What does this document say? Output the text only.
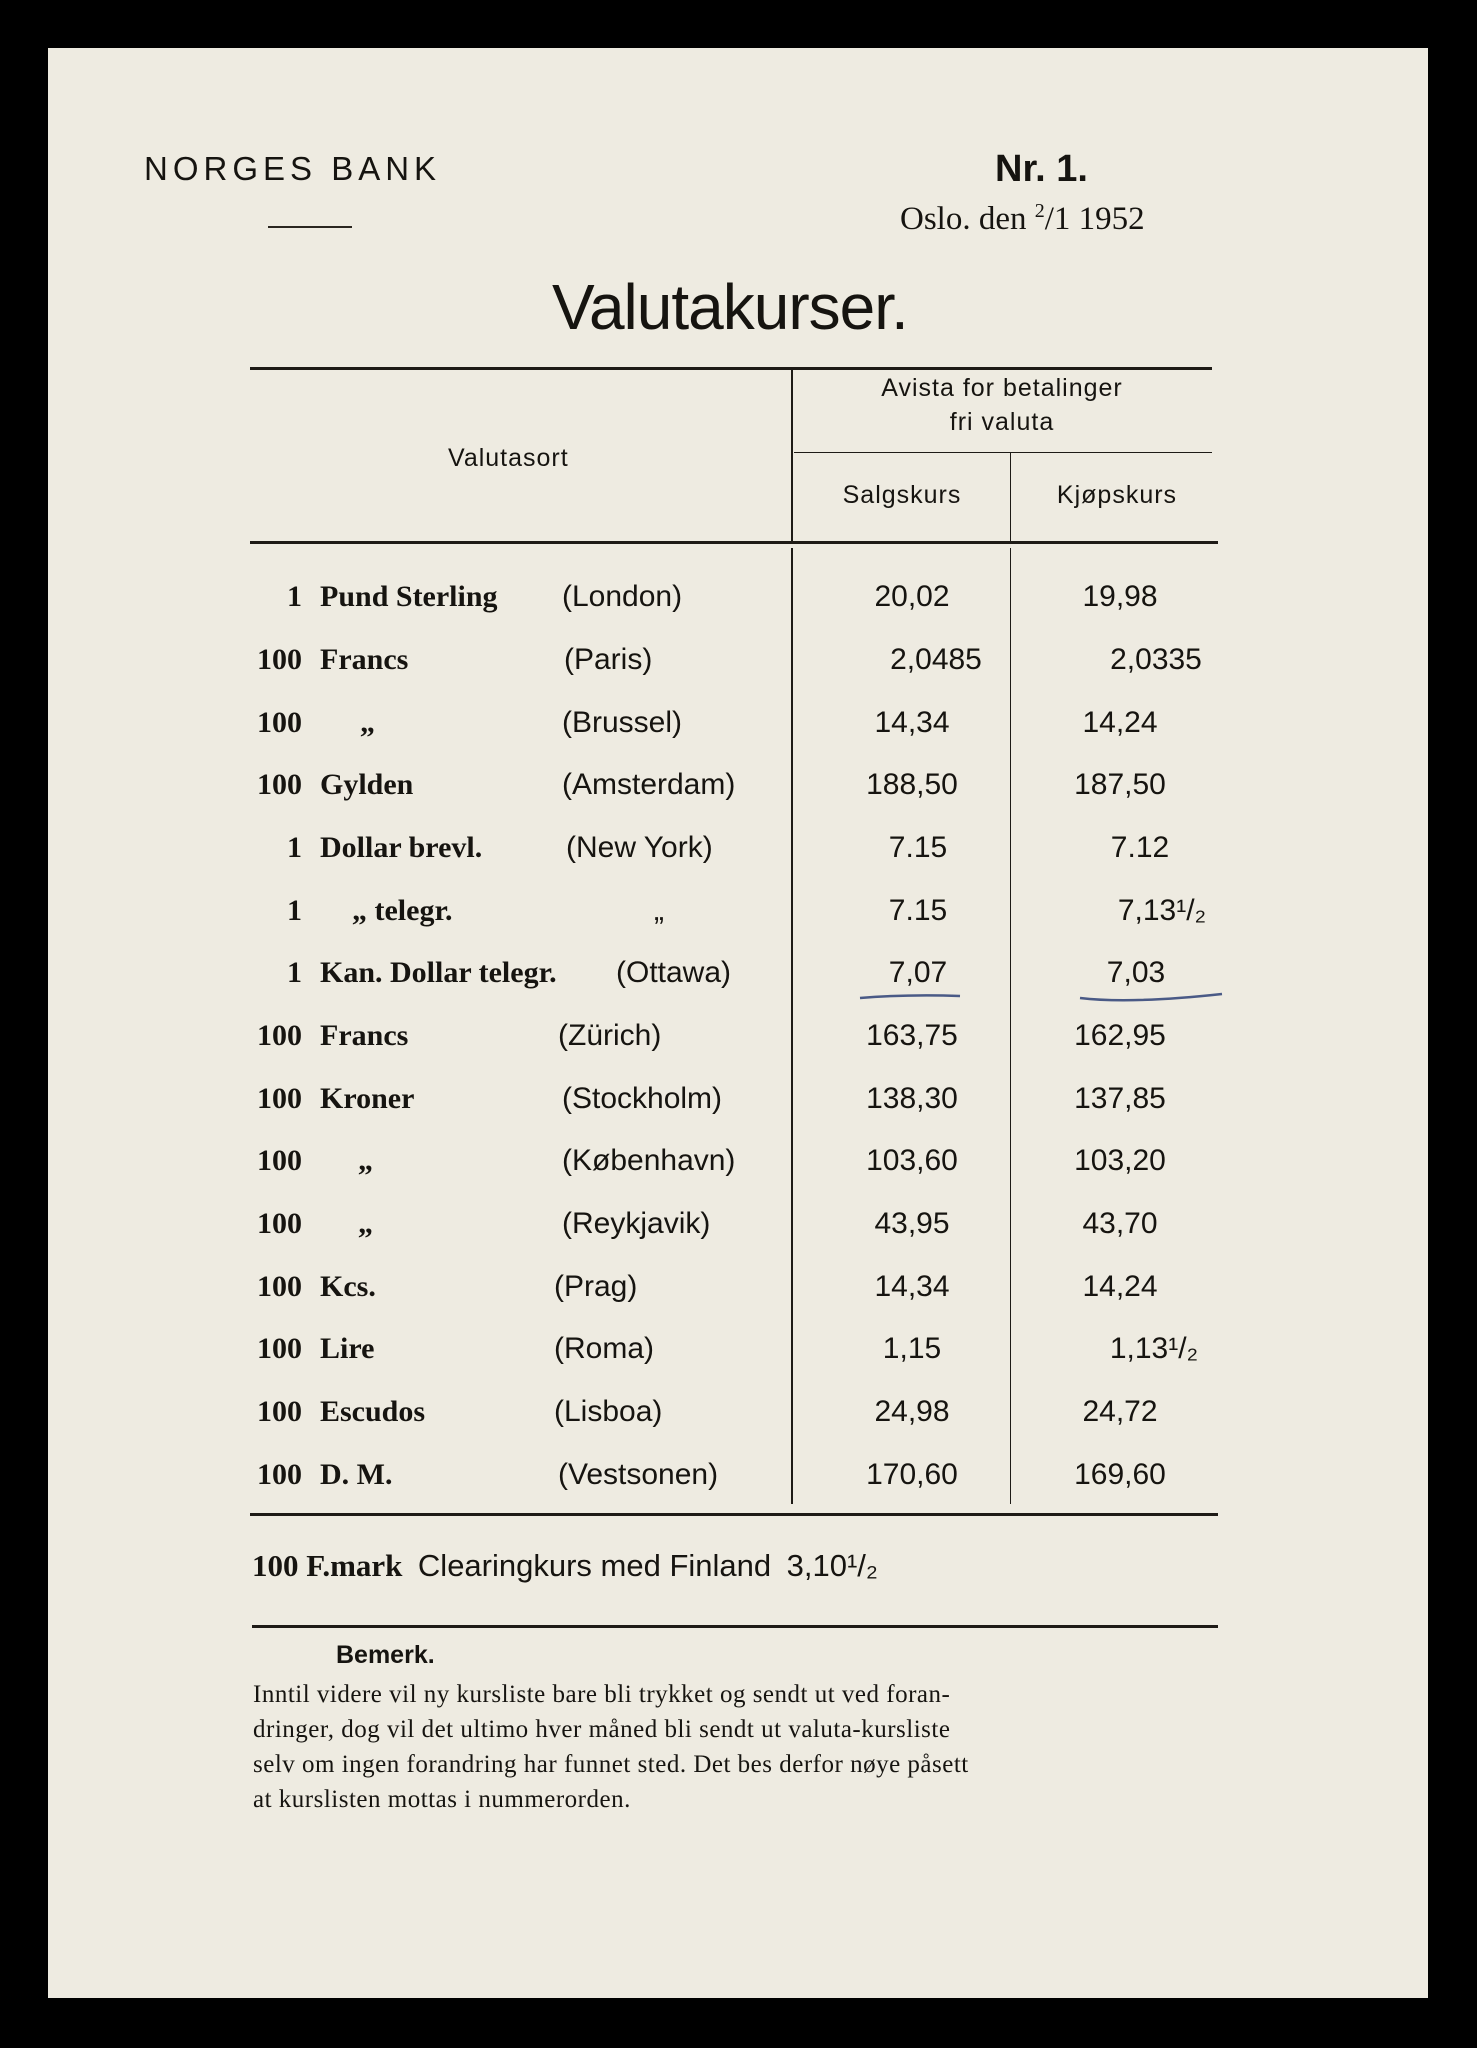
NORGES BANK	Nr. 1.
Oslo. den $^2$/1 1952
Valutakurser.
Valutasort
Avista for betalinger
fri valuta
Salgskurs	Kjøpskurs
1 Pund Sterling (London)	20,02	19,98
100 Francs	(Paris)	2,0485	2,0335
100 „	(Brussel)	14,34	14,24
100 Gylden	(Amsterdam)	188,50	187,50
1 Dollar brevl.	(New York)	7.15	7.12
1 „ telegr.	„	7.15	7,13¹/₂
1 Kan. Dollar telegr. (Ottawa)	7,07	7,03
100 Francs	(Zürich)	163,75	162,95
100 Kroner	(Stockholm)	138,30	137,85
100 „	(København)	103,60	103,20
100 „	(Reykjavik)	43,95	43,70
100 Kcs.	(Prag)	14,34	14,24
100 Lire	(Roma)	1,15	1,13¹/₂
100 Escudos	(Lisboa)	24,98	24,72
100 D. M.	(Vestsonen)	170,60	169,60
100 F.mark Clearingkurs med Finland 3,10¹/₂
Bemerk.
Inntil videre vil ny kursliste bare bli trykket og sendt ut ved foran-
dringer, dog vil det ultimo hver måned bli sendt ut valuta-kursliste
selv om ingen forandring har funnet sted. Det bes derfor nøye påsett
at kurslisten mottas i nummerorden.
